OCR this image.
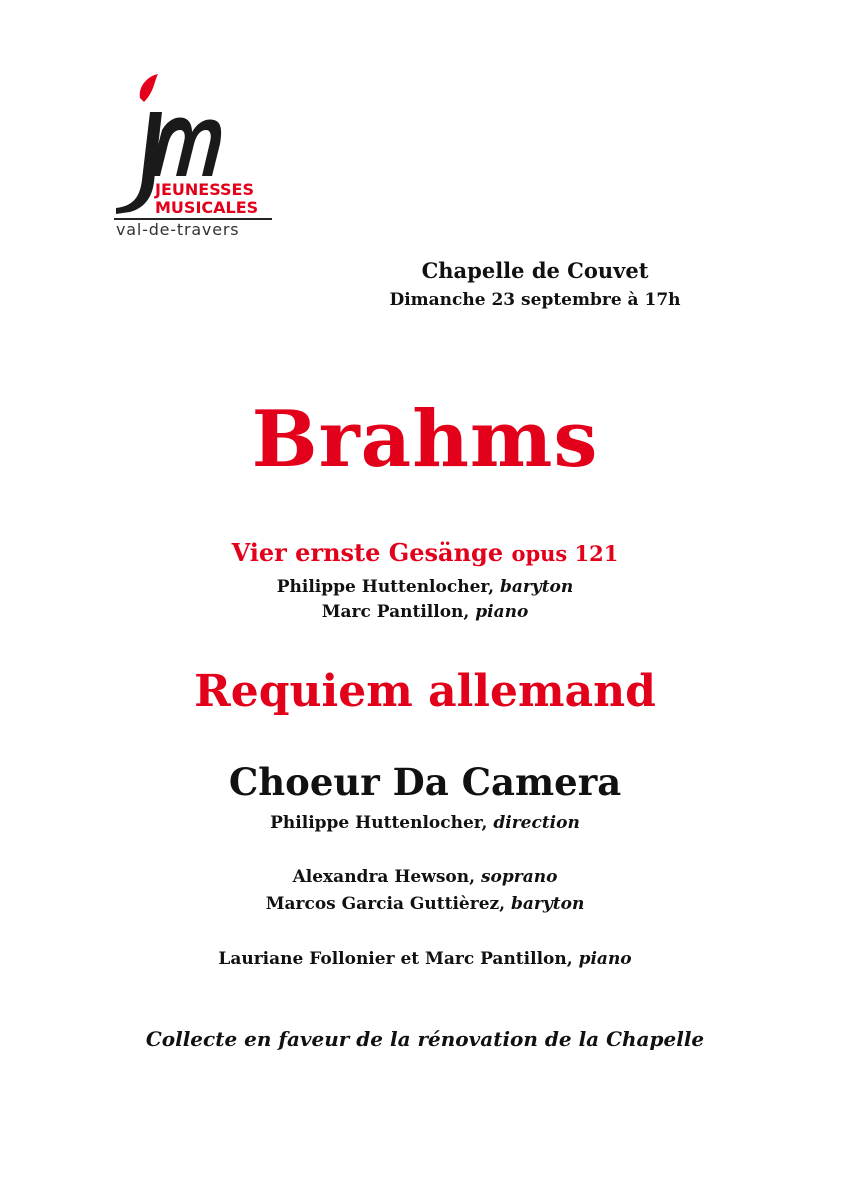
JEUNESSES
MUSICALES
val-de-travers
Chapelle de Couvet
Dimanche 23 septembre à 17h
Brahms
Vier ernste Gesänge opus 121
Philippe Huttenlocher, baryton
Marc Pantillon, piano
Requiem allemand
Choeur Da Camera
Philippe Huttenlocher, direction
Alexandra Hewson, soprano
Marcos Garcia Guttièrez, baryton
Lauriane Follonier et Marc Pantillon, piano
Collecte en faveur de la rénovation de la Chapelle
